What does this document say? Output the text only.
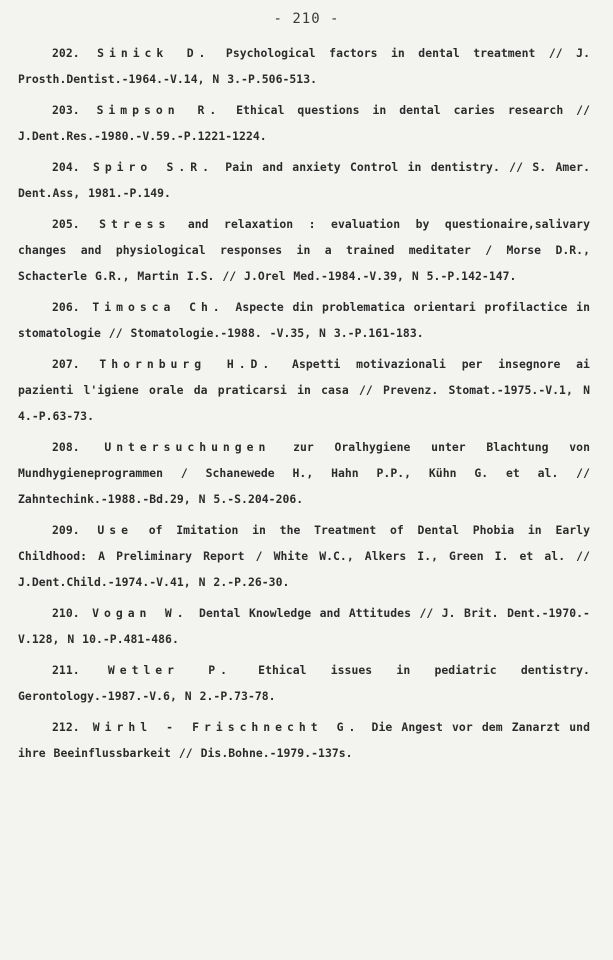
- 210 -

202. Sinick D. Psychological factors in dental treatment // J. Prosth.Dentist.-1964.-V.14, N 3.-P.506-513.

203. Simpson R. Ethical questions in dental caries research // J.Dent.Res.-1980.-V.59.-P.1221-1224.

204. Spiro S.R. Pain and anxiety Control in dentistry. // S. Amer. Dent.Ass, 1981.-P.149.

205. Stress and relaxation : evaluation by questionaire,salivary changes and physiological responses in a trained meditater / Morse D.R., Schacterle G.R., Martin I.S. // J.Orel Med.-1984.-V.39, N 5.-P.142-147.

206. Timosca Ch. Aspecte din problematica orientari profilactice in stomatologie // Stomatologie.-1988. -V.35, N 3.-P.161-183.

207. Thornburg H.D. Aspetti motivazionali per insegnore ai pazienti l'igiene orale da praticarsi in casa // Prevenz. Stomat.-1975.-V.1, N 4.-P.63-73.

208. Untersuchungen zur Oralhygiene unter Blachtung von Mundhygieneprogrammen / Schanewede H., Hahn P.P., Kühn G. et al. // Zahntechink.-1988.-Bd.29, N 5.-S.204-206.

209. Use of Imitation in the Treatment of Dental Phobia in Early Childhood: A Preliminary Report / White W.C., Alkers I., Green I. et al. // J.Dent.Child.-1974.-V.41, N 2.-P.26-30.

210. Vogan W. Dental Knowledge and Attitudes // J. Brit. Dent.-1970.-V.128, N 10.-P.481-486.

211. Wetler P. Ethical issues in pediatric dentistry. Gerontology.-1987.-V.6, N 2.-P.73-78.

212. Wirhl - Frischnecht G. Die Angest vor dem Zanarzt und ihre Beeinflussbarkeit // Dis.Bohne.-1979.-137s.
